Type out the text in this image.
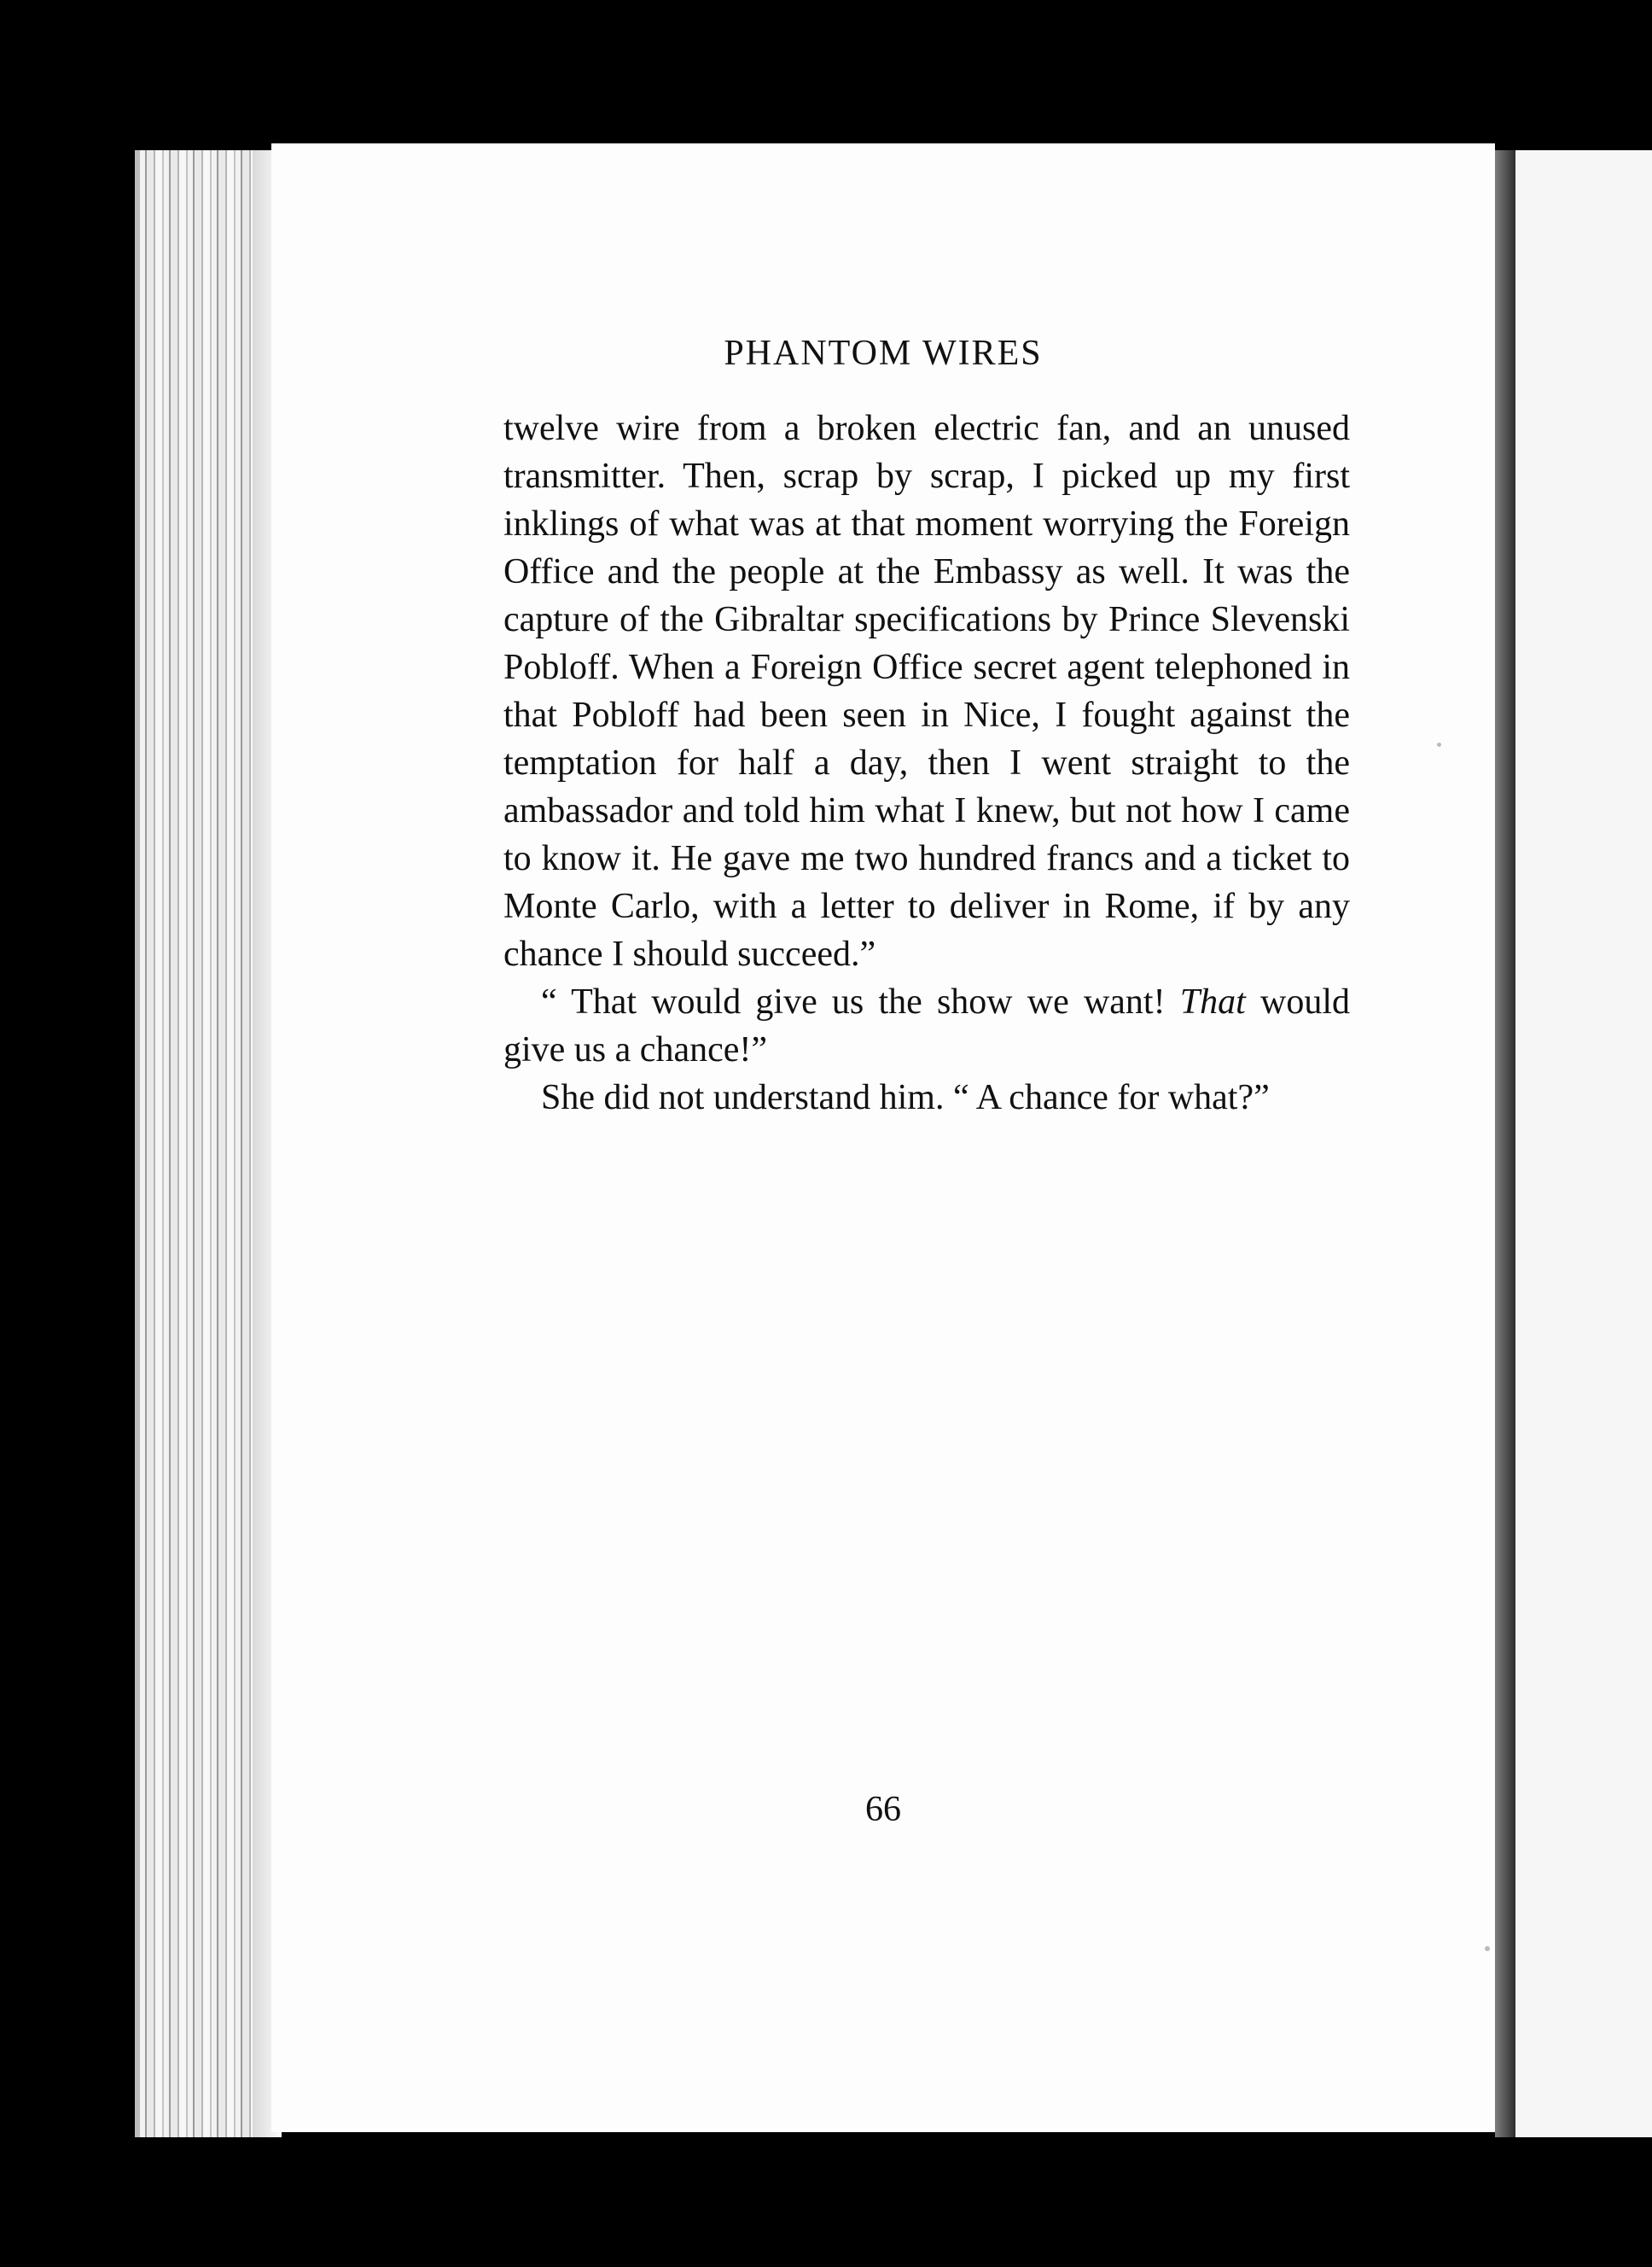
PHANTOM WIRES

twelve wire from a broken electric fan, and an unused transmitter. Then, scrap by scrap, I picked up my first inklings of what was at that moment worrying the Foreign Office and the people at the Embassy as well. It was the capture of the Gibraltar specifications by Prince Slevenski Pobloff. When a Foreign Office secret agent telephoned in that Pobloff had been seen in Nice, I fought against the temptation for half a day, then I went straight to the ambassador and told him what I knew, but not how I came to know it. He gave me two hundred francs and a ticket to Monte Carlo, with a letter to deliver in Rome, if by any chance I should succeed.”

“ That would give us the show we want! That would give us a chance!”

She did not understand him. “ A chance for what?”

66
